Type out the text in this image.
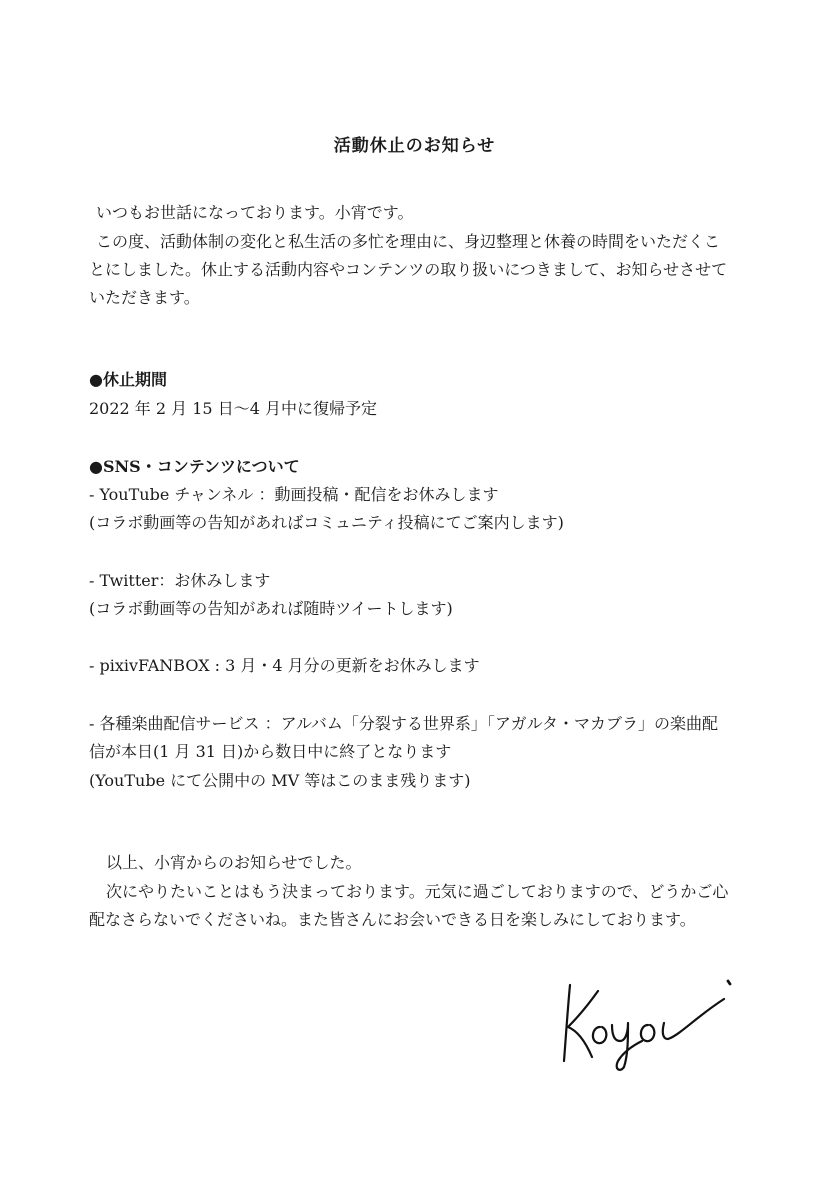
活動休止のお知らせ
いつもお世話になっております。小宵です。
この度、活動体制の変化と私生活の多忙を理由に、身辺整理と休養の時間をいただくこ
とにしました。休止する活動内容やコンテンツの取り扱いにつきまして、お知らせさせて
いただきます。
●休止期間
2022 年 2 月 15 日〜4 月中に復帰予定
●SNS・コンテンツについて
- YouTube チャンネル ：動画投稿・配信をお休みします
(コラボ動画等の告知があればコミュニティ投稿にてご案内します)
- Twitter：お休みします
(コラボ動画等の告知があれば随時ツイートします)
- pixivFANBOX : 3 月・4 月分の更新をお休みします
- 各種楽曲配信サービス ：アルバム「分裂する世界系」「アガルタ・マカブラ」の楽曲配
信が本日(1 月 31 日)から数日中に終了となります
(YouTube にて公開中の MV 等はこのまま残ります)
以上、小宵からのお知らせでした。
次にやりたいことはもう決まっております。元気に過ごしておりますので、どうかご心
配なさらないでくださいね。また皆さんにお会いできる日を楽しみにしております。
